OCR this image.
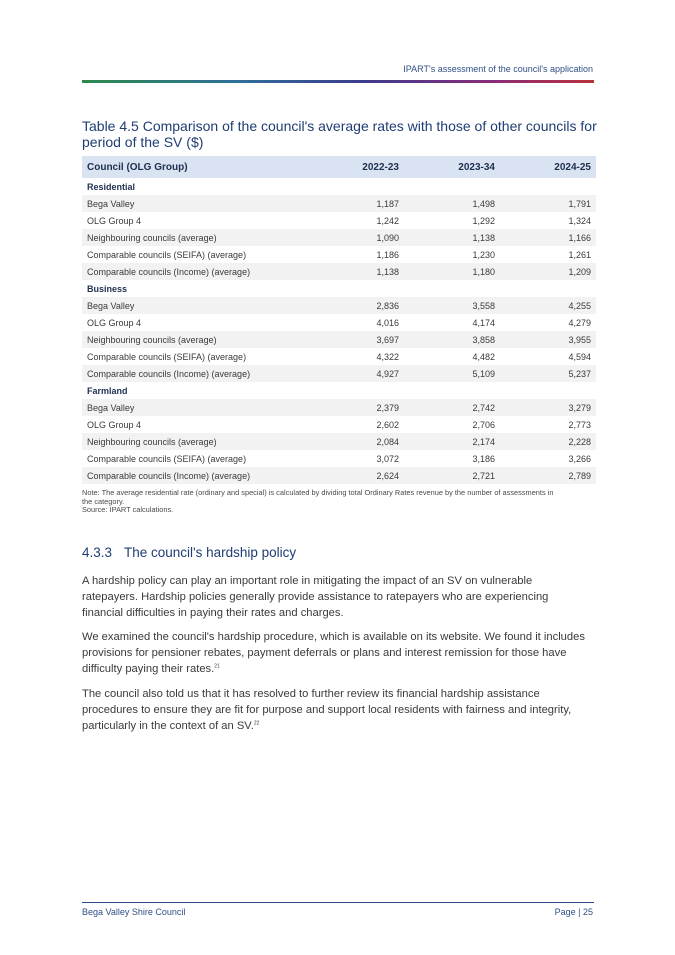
IPART's assessment of the council's application
Table 4.5 Comparison of the council's average rates with those of other councils for period of the SV ($)
Council (OLG Group)	2022-23	2023-34	2024-25
Residential			
Bega Valley	1,187	1,498	1,791
OLG Group 4	1,242	1,292	1,324
Neighbouring councils (average)	1,090	1,138	1,166
Comparable councils (SEIFA) (average)	1,186	1,230	1,261
Comparable councils (Income) (average)	1,138	1,180	1,209
Business			
Bega Valley	2,836	3,558	4,255
OLG Group 4	4,016	4,174	4,279
Neighbouring councils (average)	3,697	3,858	3,955
Comparable councils (SEIFA) (average)	4,322	4,482	4,594
Comparable councils (Income) (average)	4,927	5,109	5,237
Farmland			
Bega Valley	2,379	2,742	3,279
OLG Group 4	2,602	2,706	2,773
Neighbouring councils (average)	2,084	2,174	2,228
Comparable councils (SEIFA) (average)	3,072	3,186	3,266
Comparable councils (Income) (average)	2,624	2,721	2,789
Note: The average residential rate (ordinary and special) is calculated by dividing total Ordinary Rates revenue by the number of assessments in the category.
Source: IPART calculations.
4.3.3 The council's hardship policy

A hardship policy can play an important role in mitigating the impact of an SV on vulnerable ratepayers. Hardship policies generally provide assistance to ratepayers who are experiencing financial difficulties in paying their rates and charges.

We examined the council's hardship procedure, which is available on its website. We found it includes provisions for pensioner rebates, payment deferrals or plans and interest remission for those have difficulty paying their rates.$^{21}$

The council also told us that it has resolved to further review its financial hardship assistance procedures to ensure they are fit for purpose and support local residents with fairness and integrity, particularly in the context of an SV.$^{22}$

Bega Valley Shire Council	Page | 25
